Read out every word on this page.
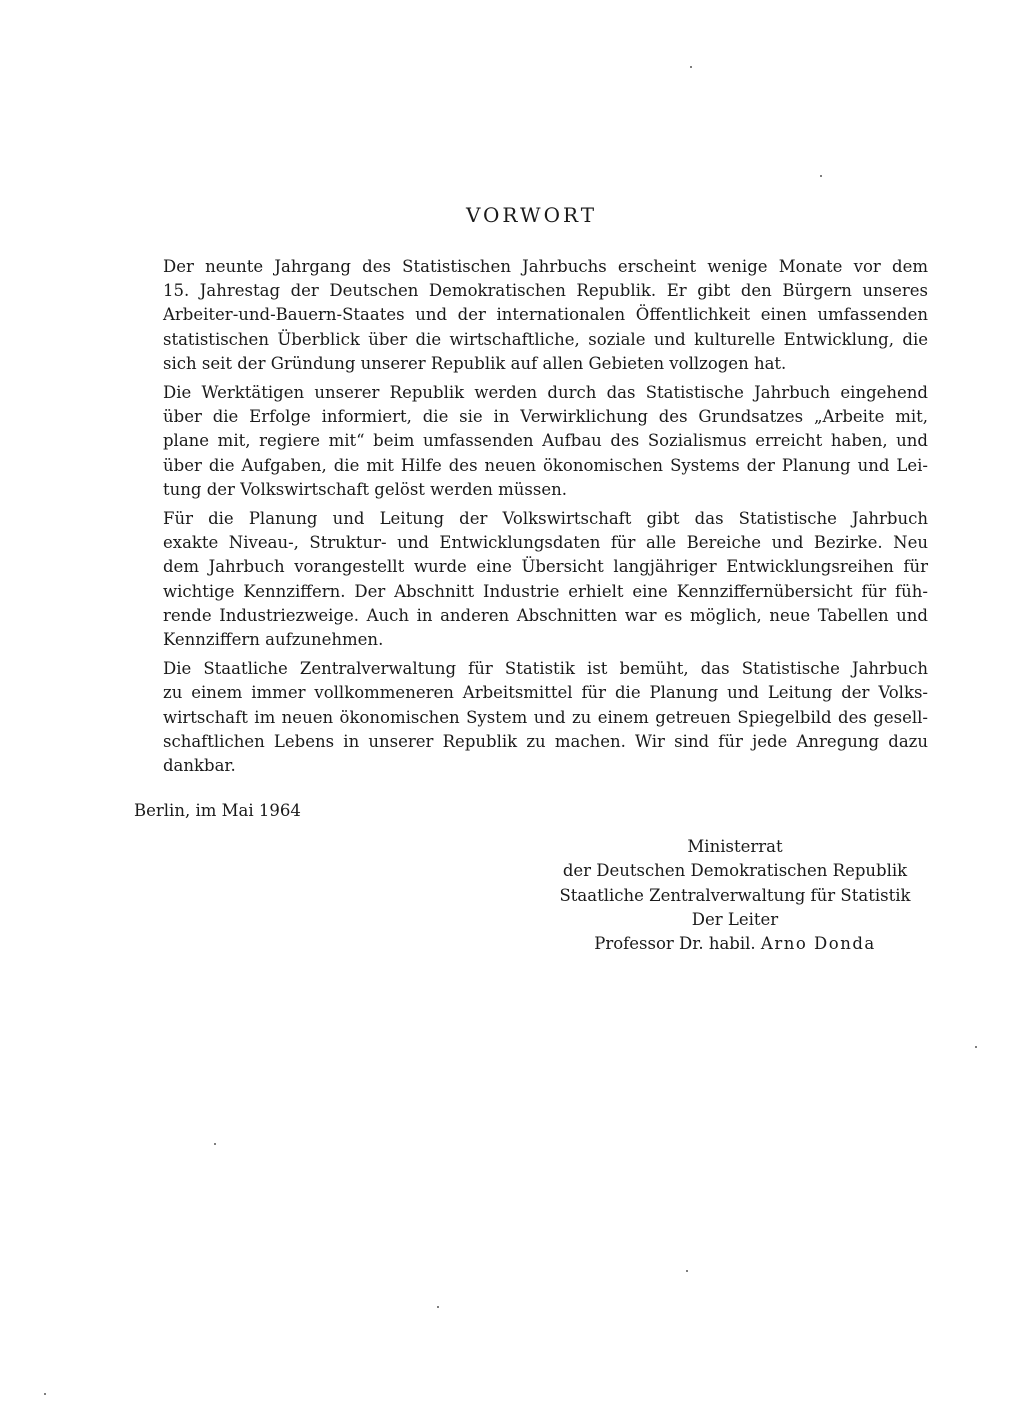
VORWORT

Der neunte Jahrgang des Statistischen Jahrbuchs erscheint wenige Monate vor dem
15. Jahrestag der Deutschen Demokratischen Republik. Er gibt den Bürgern unseres
Arbeiter-und-Bauern-Staates und der internationalen Öffentlichkeit einen umfassenden
statistischen Überblick über die wirtschaftliche, soziale und kulturelle Entwicklung, die
sich seit der Gründung unserer Republik auf allen Gebieten vollzogen hat.

Die Werktätigen unserer Republik werden durch das Statistische Jahrbuch eingehend
über die Erfolge informiert, die sie in Verwirklichung des Grundsatzes „Arbeite mit,
plane mit, regiere mit“ beim umfassenden Aufbau des Sozialismus erreicht haben, und
über die Aufgaben, die mit Hilfe des neuen ökonomischen Systems der Planung und Lei-
tung der Volkswirtschaft gelöst werden müssen.

Für die Planung und Leitung der Volkswirtschaft gibt das Statistische Jahrbuch
exakte Niveau-, Struktur- und Entwicklungsdaten für alle Bereiche und Bezirke. Neu
dem Jahrbuch vorangestellt wurde eine Übersicht langjähriger Entwicklungsreihen für
wichtige Kennziffern. Der Abschnitt Industrie erhielt eine Kennziffernübersicht für füh-
rende Industriezweige. Auch in anderen Abschnitten war es möglich, neue Tabellen und
Kennziffern aufzunehmen.

Die Staatliche Zentralverwaltung für Statistik ist bemüht, das Statistische Jahrbuch
zu einem immer vollkommeneren Arbeitsmittel für die Planung und Leitung der Volks-
wirtschaft im neuen ökonomischen System und zu einem getreuen Spiegelbild des gesell-
schaftlichen Lebens in unserer Republik zu machen. Wir sind für jede Anregung dazu
dankbar.

Berlin, im Mai 1964
Ministerrat
der Deutschen Demokratischen Republik
Staatliche Zentralverwaltung für Statistik
Der Leiter
Professor Dr. habil. Arno Donda
